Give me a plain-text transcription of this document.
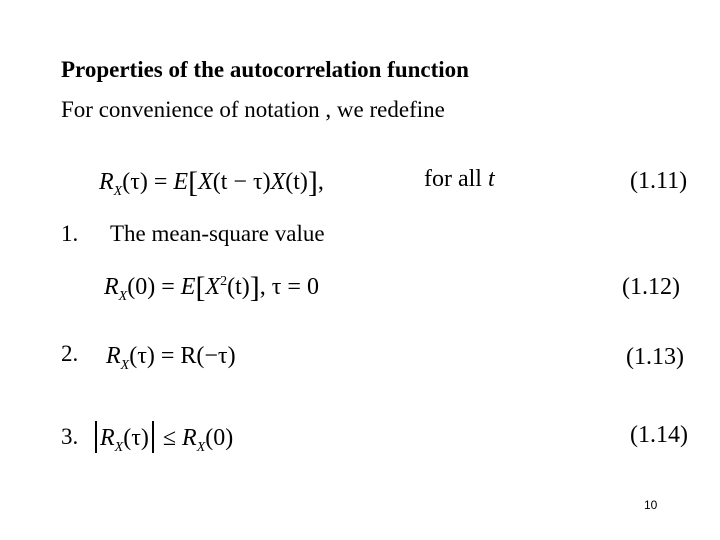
Properties of the autocorrelation function
For convenience of notation , we redefine
$R_X(\tau) = E[X(t - \tau)X(t)]$,	for all t	(1.11)
1. The mean-square value
$R_X(0) = E[X^2(t)]$, τ = 0	(1.12)
2. $R_X(\tau) = R(-\tau)$	(1.13)
3. $R_X(\tau) \le R_X(0)$	(1.14)
10
